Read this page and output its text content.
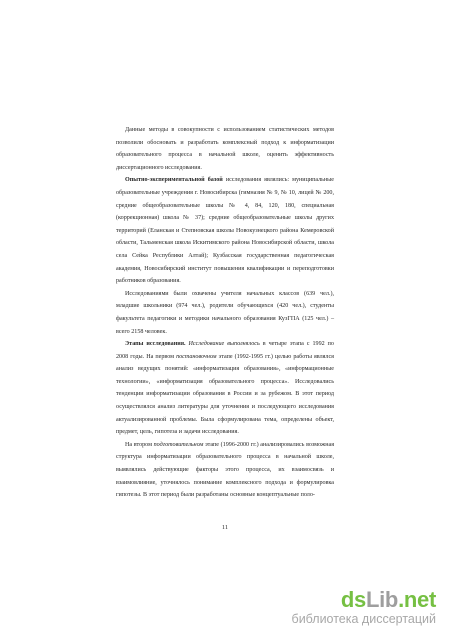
Данные методы в совокупности с использованием статистических методов позволили обосновать и разработать комплексный подход к информатизации образовательного процесса в начальной школе, оценить эффективность диссертационного исследования.

Опытно-экспериментальной базой исследования являлись: муниципальные образовательные учреждения г. Новосибирска (гимназия № 9, № 10, лицей № 200, средние общеобразовательные школы № 4, 84, 120, 180, специальная (коррекционная) школа № 37); средние общеобразовательные школы других территорий (Еланская и Степновская школы Новокузнецкого района Кемеровской области, Тальменская школа Искитимского района Новосибирской области, школа села Сейка Республики Алтай); Кузбасская государственная педагогическая академия, Новосибирский институт повышения квалификации и переподготовки работников образования.

Исследованиями были охвачены учителя начальных классов (639 чел.), младшие школьники (974 чел.), родители обучающихся (420 чел.), студенты факультета педагогики и методики начального образования КузГПА (125 чел.) – всего 2158 человек.

Этапы исследования. Исследование выполнялось в четыре этапа с 1992 по 2008 годы. На первом постановочном этапе (1992-1995 гг.) целью работы являлся анализ ведущих понятий: «информатизация образования», «информационные технологии», «информатизация образовательного процесса». Исследовались тенденции информатизации образования в России и за рубежом. В этот период осуществлялся анализ литературы для уточнения и последующего исследования актуализированной проблемы. Была сформулирована тема, определены объект, предмет, цель, гипотеза и задачи исследования.

На втором подготовительном этапе (1996-2000 гг.) анализировались возможная структура информатизации образовательного процесса в начальной школе, выявлялись действующие факторы этого процесса, их взаимосвязь и взаимовлияние, уточнялось понимание комплексного подхода и формулировка гипотезы. В этот период были разработаны основные концептуальные поло-

11
dsLib.net
библиотека диссертаций
